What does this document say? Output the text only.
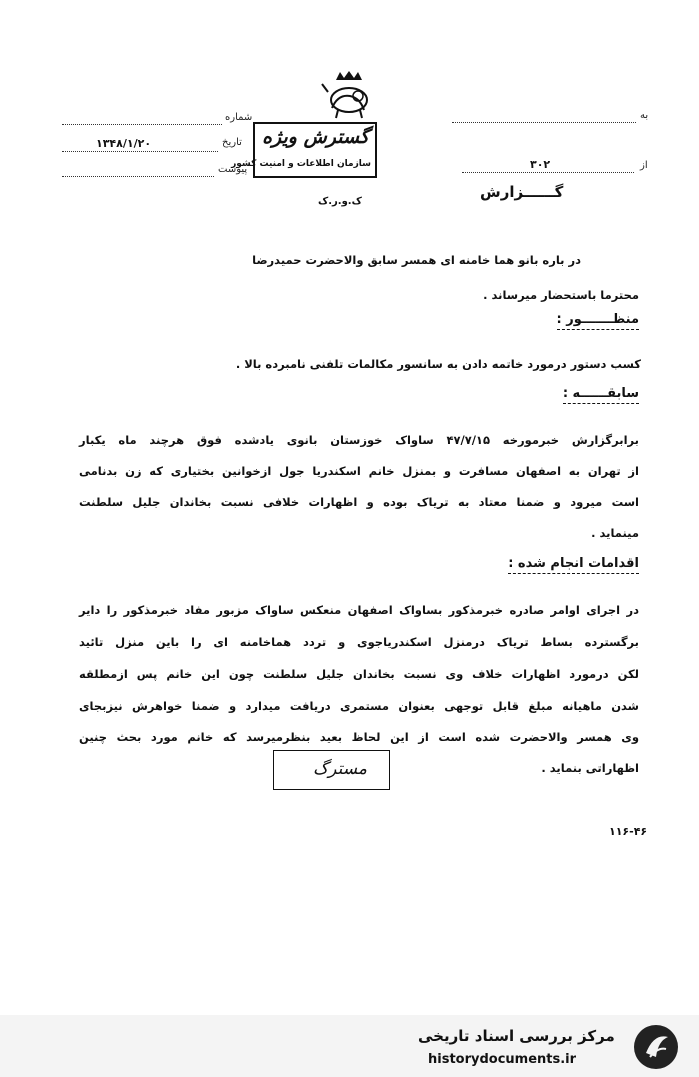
گسترش ویژه
سازمان اطلاعات و امنیت کشور
ک.و.ر.ک
شماره
تاریخ
۱۳۴۸/۱/۲۰
پیوست
به
از
۳۰۲
گــــــزارش
در باره بانو هما خامنه ای همسر سابق والاحضرت حمیدرضا
محترما باستحضار میرساند .
منظـــــــور :
کسب دستور درمورد خاتمه دادن به سانسور مکالمات تلفنی نامبرده بالا .
سابقــــــه :
برابرگزارش خبرمورخه ۴۷/۷/۱۵ ساواک خوزستان بانوی یادشده فوق هرچند ماه یکبار
از تهران به اصفهان مسافرت و بمنزل خانم اسکندریا جول ازخوانین بختیاری که زن بدنامی
است میرود و ضمنا معتاد به تریاک بوده و اظهارات خلافی نسبت بخاندان جلیل سلطنت
مینماید .
اقدامات انجام شده :
در اجرای اوامر صادره خبرمذکور بساواک اصفهان منعکس ساواک مزبور مفاد خبرمذکور را دایر
برگسترده بساط تریاک درمنزل اسکندریاجوی و تردد هماخامنه ای را باین منزل تائید
لکن درمورد اظهارات خلاف وی نسبت بخاندان جلیل سلطنت چون این خانم پس ازمطلقه
شدن ماهیانه مبلغ قابل توجهی بعنوان مستمری دریافت میدارد و ضمنا خواهرش نیزبجای
وی همسر والاحضرت شده است از این لحاظ بعید بنظرمیرسد که خانم مورد بحث چنین
اظهاراتی بنماید .
مسترگ
۱۱۶-۴۶
مرکز بررسی اسناد تاریخی
historydocuments.ir
